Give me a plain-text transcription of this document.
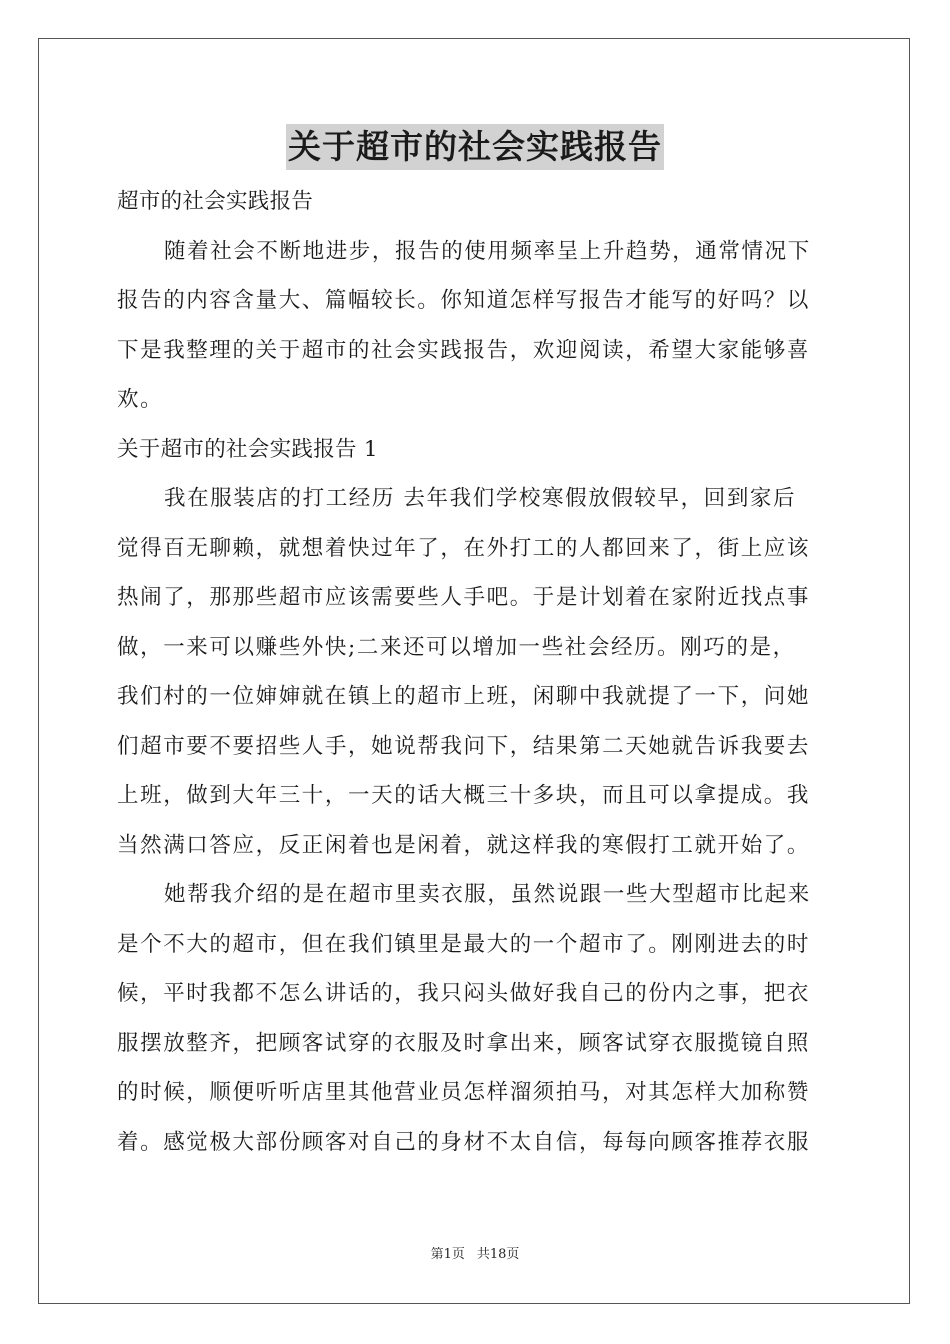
关于超市的社会实践报告
超市的社会实践报告
随着社会不断地进步，报告的使用频率呈上升趋势，通常情况下
报告的内容含量大、篇幅较长。你知道怎样写报告才能写的好吗？以
下是我整理的关于超市的社会实践报告，欢迎阅读，希望大家能够喜
欢。
关于超市的社会实践报告 1
我在服装店的打工经历 去年我们学校寒假放假较早，回到家后
觉得百无聊赖，就想着快过年了，在外打工的人都回来了，街上应该
热闹了，那那些超市应该需要些人手吧。于是计划着在家附近找点事
做，一来可以赚些外快;二来还可以增加一些社会经历。刚巧的是，
我们村的一位婶婶就在镇上的超市上班，闲聊中我就提了一下，问她
们超市要不要招些人手，她说帮我问下，结果第二天她就告诉我要去
上班，做到大年三十，一天的话大概三十多块，而且可以拿提成。我
当然满口答应，反正闲着也是闲着，就这样我的寒假打工就开始了。
她帮我介绍的是在超市里卖衣服，虽然说跟一些大型超市比起来
是个不大的超市，但在我们镇里是最大的一个超市了。刚刚进去的时
候，平时我都不怎么讲话的，我只闷头做好我自己的份内之事，把衣
服摆放整齐，把顾客试穿的衣服及时拿出来，顾客试穿衣服揽镜自照
的时候，顺便听听店里其他营业员怎样溜须拍马，对其怎样大加称赞
着。感觉极大部份顾客对自己的身材不太自信，每每向顾客推荐衣服
第1页 共18页
